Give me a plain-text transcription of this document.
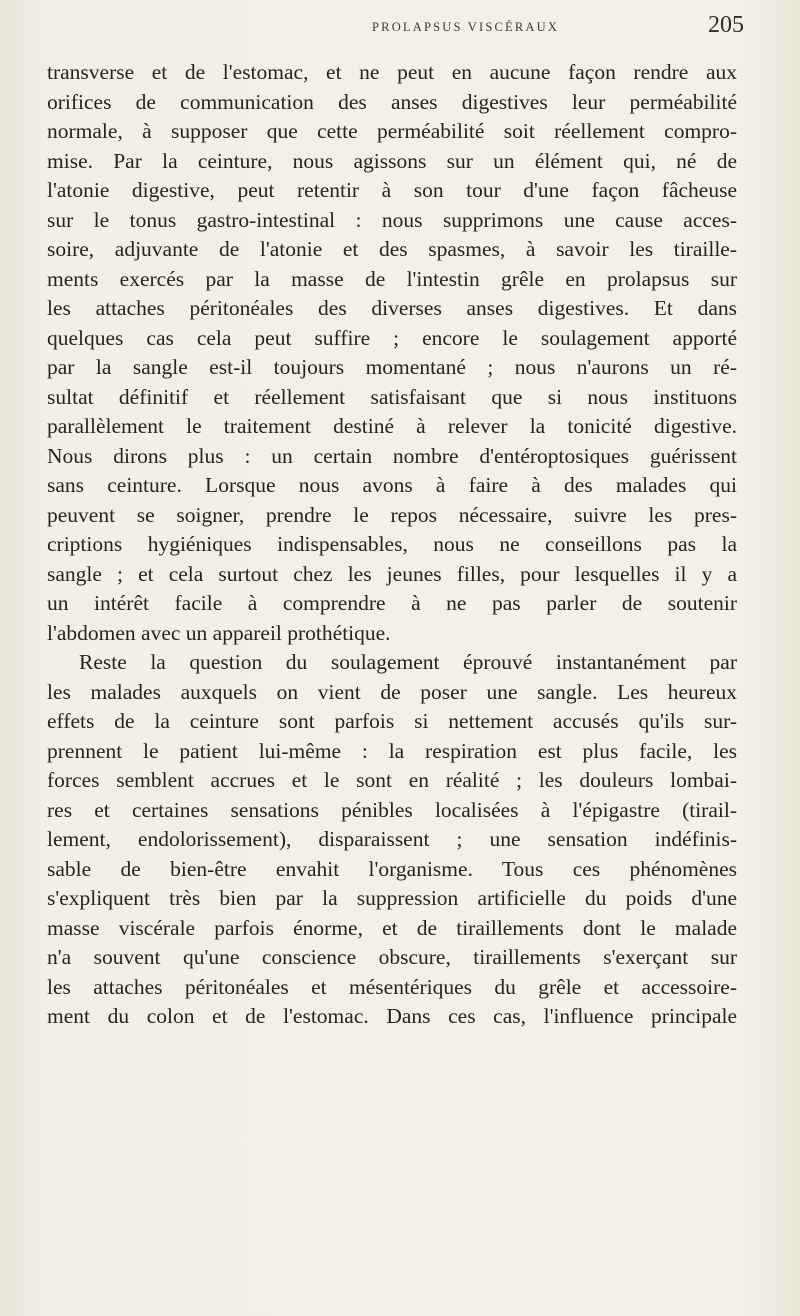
PROLAPSUS VISCÉRAUX	205
transverse et de l'estomac, et ne peut en aucune façon rendre aux
orifices de communication des anses digestives leur perméabilité
normale, à supposer que cette perméabilité soit réellement compro-
mise. Par la ceinture, nous agissons sur un élément qui, né de
l'atonie digestive, peut retentir à son tour d'une façon fâcheuse
sur le tonus gastro-intestinal : nous supprimons une cause acces-
soire, adjuvante de l'atonie et des spasmes, à savoir les tiraille-
ments exercés par la masse de l'intestin grêle en prolapsus sur
les attaches péritonéales des diverses anses digestives. Et dans
quelques cas cela peut suffire ; encore le soulagement apporté
par la sangle est-il toujours momentané ; nous n'aurons un ré-
sultat définitif et réellement satisfaisant que si nous instituons
parallèlement le traitement destiné à relever la tonicité digestive.
Nous dirons plus : un certain nombre d'entéroptosiques guérissent
sans ceinture. Lorsque nous avons à faire à des malades qui
peuvent se soigner, prendre le repos nécessaire, suivre les pres-
criptions hygiéniques indispensables, nous ne conseillons pas la
sangle ; et cela surtout chez les jeunes filles, pour lesquelles il y a
un intérêt facile à comprendre à ne pas parler de soutenir
l'abdomen avec un appareil prothétique.
Reste la question du soulagement éprouvé instantanément par
les malades auxquels on vient de poser une sangle. Les heureux
effets de la ceinture sont parfois si nettement accusés qu'ils sur-
prennent le patient lui-même : la respiration est plus facile, les
forces semblent accrues et le sont en réalité ; les douleurs lombai-
res et certaines sensations pénibles localisées à l'épigastre (tirail-
lement, endolorissement), disparaissent ; une sensation indéfinis-
sable de bien-être envahit l'organisme. Tous ces phénomènes
s'expliquent très bien par la suppression artificielle du poids d'une
masse viscérale parfois énorme, et de tiraillements dont le malade
n'a souvent qu'une conscience obscure, tiraillements s'exerçant sur
les attaches péritonéales et mésentériques du grêle et accessoire-
ment du colon et de l'estomac. Dans ces cas, l'influence principale
